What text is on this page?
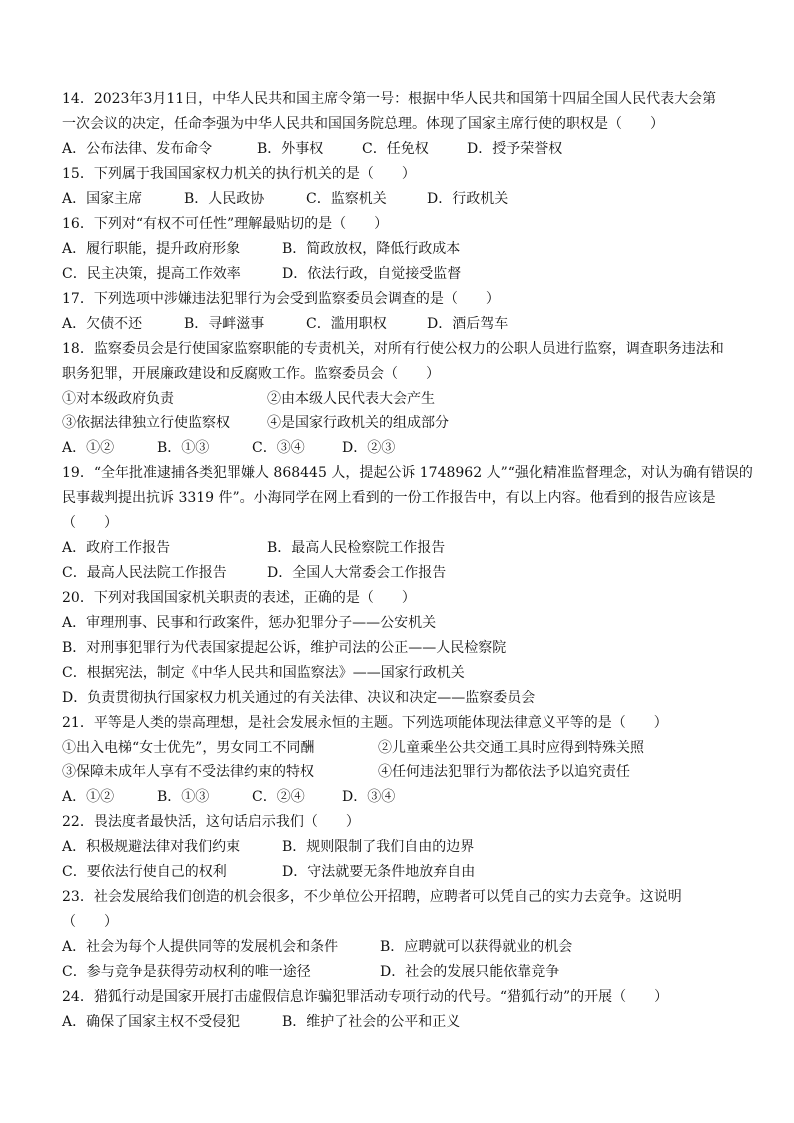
14．2023年3月11日，中华人民共和国主席令第一号：根据中华人民共和国第十四届全国人民代表大会第
一次会议的决定，任命李强为中华人民共和国国务院总理。体现了国家主席行使的职权是（　　）
A．公布法律、发布命令	B．外事权	C．任免权	D．授予荣誉权
15．下列属于我国国家权力机关的执行机关的是（　　）
A．国家主席	B．人民政协	C．监察机关	D．行政机关
16．下列对“有权不可任性”理解最贴切的是（　　）
A．履行职能，提升政府形象	B．简政放权，降低行政成本
C．民主决策，提高工作效率	D．依法行政，自觉接受监督
17．下列选项中涉嫌违法犯罪行为会受到监察委员会调查的是（　　）
A．欠债不还	B．寻衅滋事	C．滥用职权	D．酒后驾车
18．监察委员会是行使国家监察职能的专责机关，对所有行使公权力的公职人员进行监察，调查职务违法和
职务犯罪，开展廉政建设和反腐败工作。监察委员会（　　）
①对本级政府负责	②由本级人民代表大会产生
③依据法律独立行使监察权	④是国家行政机关的组成部分
A．①②	B．①③	C．③④	D．②③
19．“全年批准逮捕各类犯罪嫌人 868445 人，提起公诉 1748962 人”“强化精准监督理念，对认为确有错误的
民事裁判提出抗诉 3319 件”。小海同学在网上看到的一份工作报告中，有以上内容。他看到的报告应该是
（　　）
A．政府工作报告	B．最高人民检察院工作报告
C．最高人民法院工作报告	D．全国人大常委会工作报告
20．下列对我国国家机关职责的表述，正确的是（　　）
A．审理刑事、民事和行政案件，惩办犯罪分子——公安机关
B．对刑事犯罪行为代表国家提起公诉，维护司法的公正——人民检察院
C．根据宪法，制定《中华人民共和国监察法》——国家行政机关
D．负责贯彻执行国家权力机关通过的有关法律、决议和决定——监察委员会
21．平等是人类的崇高理想，是社会发展永恒的主题。下列选项能体现法律意义平等的是（　　）
①出入电梯“女士优先”，男女同工不同酬	②儿童乘坐公共交通工具时应得到特殊关照
③保障未成年人享有不受法律约束的特权	④任何违法犯罪行为都依法予以追究责任
A．①②	B．①③	C．②④	D．③④
22．畏法度者最快活，这句话启示我们（　　）
A．积极规避法律对我们约束	B．规则限制了我们自由的边界
C．要依法行使自己的权利	D．守法就要无条件地放弃自由
23．社会发展给我们创造的机会很多，不少单位公开招聘，应聘者可以凭自己的实力去竞争。这说明
（　　）
A．社会为每个人提供同等的发展机会和条件	B．应聘就可以获得就业的机会
C．参与竞争是获得劳动权利的唯一途径	D．社会的发展只能依靠竞争
24．猎狐行动是国家开展打击虚假信息诈骗犯罪活动专项行动的代号。“猎狐行动”的开展（　　）
A．确保了国家主权不受侵犯	B．维护了社会的公平和正义
